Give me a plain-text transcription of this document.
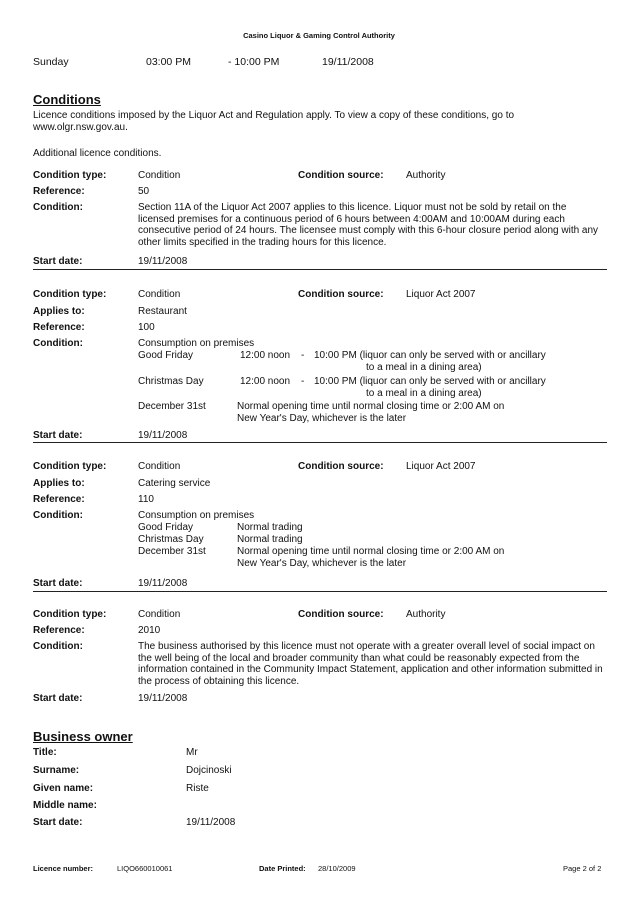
Casino Liquor & Gaming Control Authority
Sunday	03:00 PM	- 10:00 PM	19/11/2008
Conditions
Licence conditions imposed by the Liquor Act and Regulation apply. To view a copy of these conditions, go to www.olgr.nsw.gov.au.
Additional licence conditions.
Condition type:	Condition	Condition source: Authority
Reference:	50
Condition:	Section 11A of the Liquor Act 2007 applies to this licence. Liquor must not be sold by retail on the licensed premises for a continuous period of 6 hours between 4:00AM and 10:00AM during each consecutive period of 24 hours. The licensee must comply with this 6-hour closure period along with any other limits specified in the trading hours for this licence.
Start date:	19/11/2008
Condition type:	Condition	Condition source: Liquor Act 2007
Applies to:	Restaurant
Reference:	100
Condition:	Consumption on premises
Good Friday	12:00 noon - 10:00 PM (liquor can only be served with or ancillary
to a meal in a dining area)
Christmas Day	12:00 noon - 10:00 PM (liquor can only be served with or ancillary
to a meal in a dining area)
December 31st	Normal opening time until normal closing time or 2:00 AM on
New Year's Day, whichever is the later
Start date:	19/11/2008
Condition type:	Condition	Condition source: Liquor Act 2007
Applies to:	Catering service
Reference:	110
Condition:	Consumption on premises
Good Friday	Normal trading
Christmas Day	Normal trading
December 31st	Normal opening time until normal closing time or 2:00 AM on
New Year's Day, whichever is the later
Start date:	19/11/2008
Condition type:	Condition	Condition source: Authority
Reference:	2010
Condition:	The business authorised by this licence must not operate with a greater overall level of social impact on the well being of the local and broader community than what could be reasonably expected from the information contained in the Community Impact Statement, application and other information submitted in the process of obtaining this licence.
Start date:	19/11/2008
Business owner
Title:	Mr
Surname:	Dojcinoski
Given name:	Riste
Middle name:
Start date:	19/11/2008
Licence number:	LIQO660010061	Date Printed: 28/10/2009	Page 2 of 2
